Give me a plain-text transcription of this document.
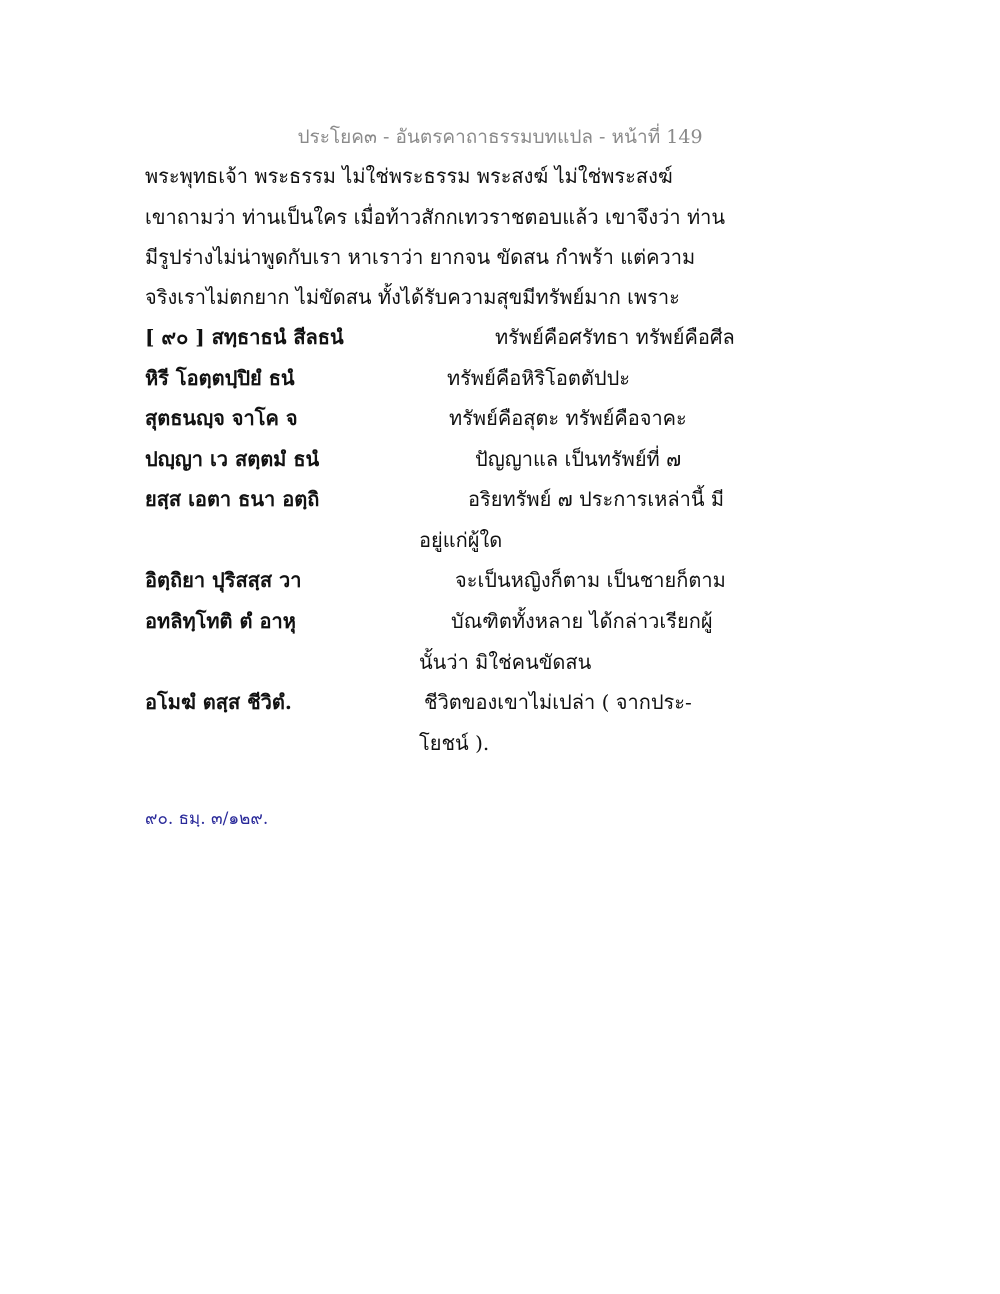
ประโยค๓ - อันตรคาถาธรรมบทแปล - หน้าที่ 149
พระพุทธเจ้า พระธรรม ไม่ใช่พระธรรม พระสงฆ์ ไม่ใช่พระสงฆ์
เขาถามว่า ท่านเป็นใคร เมื่อท้าวสักกเทวราชตอบแล้ว เขาจึงว่า ท่าน
มีรูปร่างไม่น่าพูดกับเรา หาเราว่า ยากจน ขัดสน กำพร้า แต่ความ
จริงเราไม่ตกยาก ไม่ขัดสน ทั้งได้รับความสุขมีทรัพย์มาก เพราะ
[ ๙๐ ] สทฺธาธนํ สีลธนํ	ทรัพย์คือศรัทธา ทรัพย์คือศีล
หิรี โอตฺตปฺปิยํ ธนํ	ทรัพย์คือหิริโอตตัปปะ
สุตธนญฺจ จาโค จ	ทรัพย์คือสุตะ ทรัพย์คือจาคะ
ปญฺญา เว สตฺตมํ ธนํ	ปัญญาแล เป็นทรัพย์ที่ ๗
ยสฺส เอตา ธนา อตฺถิ	อริยทรัพย์ ๗ ประการเหล่านี้ มี
อยู่แก่ผู้ใด
อิตฺถิยา ปุริสสฺส วา	จะเป็นหญิงก็ตาม เป็นชายก็ตาม
อทลิทฺโทติ ตํ อาหุ	บัณฑิตทั้งหลาย ได้กล่าวเรียกผู้
นั้นว่า มิใช่คนขัดสน
อโมฆํ ตสฺส ชีวิตํ.	ชีวิตของเขาไม่เปล่า ( จากประ-
โยชน์ ).
๙๐. ธมฺ. ๓/๑๒๙.
